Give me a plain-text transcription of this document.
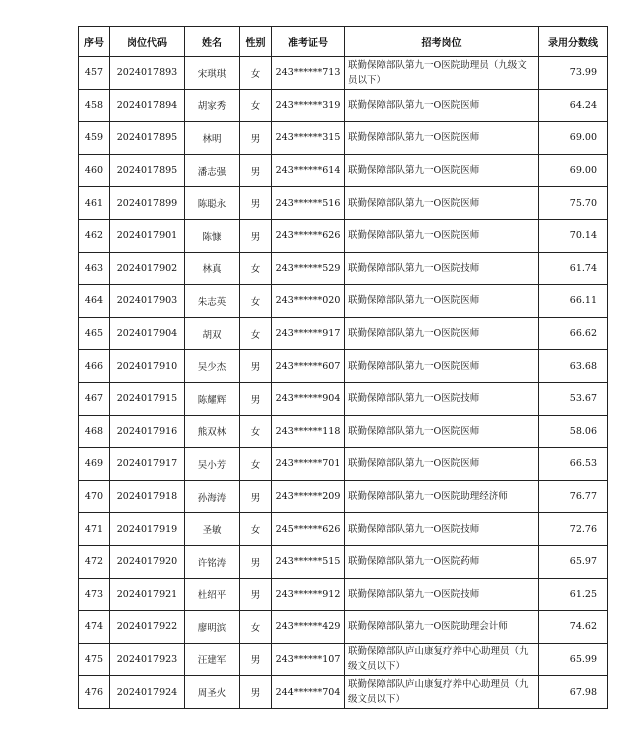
序号	岗位代码	姓名	性别	准考证号	招考岗位	录用分数线
457	2024017893	宋琪琪	女	243******713	联勤保障部队第九一O医院助理员（九级文员以下）	73.99
458	2024017894	胡家秀	女	243******319	联勤保障部队第九一O医院医师	64.24
459	2024017895	林明	男	243******315	联勤保障部队第九一O医院医师	69.00
460	2024017895	潘志强	男	243******614	联勤保障部队第九一O医院医师	69.00
461	2024017899	陈聪永	男	243******516	联勤保障部队第九一O医院医师	75.70
462	2024017901	陈慷	男	243******626	联勤保障部队第九一O医院医师	70.14
463	2024017902	林真	女	243******529	联勤保障部队第九一O医院技师	61.74
464	2024017903	朱志英	女	243******020	联勤保障部队第九一O医院医师	66.11
465	2024017904	胡双	女	243******917	联勤保障部队第九一O医院医师	66.62
466	2024017910	吴少杰	男	243******607	联勤保障部队第九一O医院医师	63.68
467	2024017915	陈耀辉	男	243******904	联勤保障部队第九一O医院技师	53.67
468	2024017916	熊双林	女	243******118	联勤保障部队第九一O医院医师	58.06
469	2024017917	吴小芳	女	243******701	联勤保障部队第九一O医院医师	66.53
470	2024017918	孙海涛	男	243******209	联勤保障部队第九一O医院助理经济师	76.77
471	2024017919	圣敏	女	245******626	联勤保障部队第九一O医院技师	72.76
472	2024017920	许铭涛	男	243******515	联勤保障部队第九一O医院药师	65.97
473	2024017921	杜绍平	男	243******912	联勤保障部队第九一O医院技师	61.25
474	2024017922	廖明滨	女	243******429	联勤保障部队第九一O医院助理会计师	74.62
475	2024017923	汪建军	男	243******107	联勤保障部队庐山康复疗养中心助理员（九级文员以下）	65.99
476	2024017924	周圣火	男	244******704	联勤保障部队庐山康复疗养中心助理员（九级文员以下）	67.98
